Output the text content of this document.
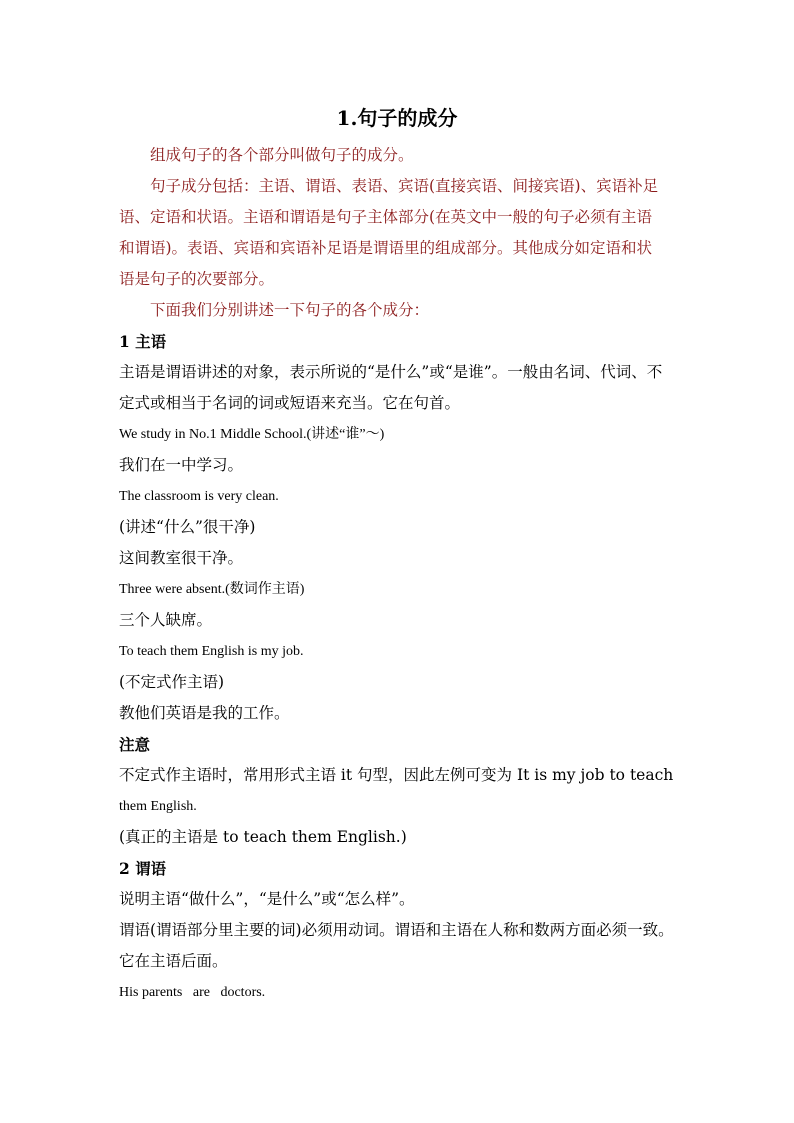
1.句子的成分

组成句子的各个部分叫做句子的成分。

句子成分包括：主语、谓语、表语、宾语(直接宾语、间接宾语)、宾语补足

语、定语和状语。主语和谓语是句子主体部分(在英文中一般的句子必须有主语

和谓语)。表语、宾语和宾语补足语是谓语里的组成部分。其他成分如定语和状

语是句子的次要部分。

下面我们分别讲述一下句子的各个成分：

1 主语

主语是谓语讲述的对象，表示所说的“是什么”或“是谁”。一般由名词、代词、不

定式或相当于名词的词或短语来充当。它在句首。

We study in No.1 Middle School.(讲述“谁”～)

我们在一中学习。

The classroom is very clean.

(讲述“什么”很干净)

这间教室很干净。

Three were absent.(数词作主语)

三个人缺席。

To teach them English is my job.

(不定式作主语)

教他们英语是我的工作。

注意

不定式作主语时，常用形式主语 it 句型，因此左例可变为 It is my job to teach

them English.

(真正的主语是 to teach them English.)

2 谓语

说明主语“做什么”，“是什么”或“怎么样”。

谓语(谓语部分里主要的词)必须用动词。谓语和主语在人称和数两方面必须一致。

它在主语后面。

His parents   are   doctors.
